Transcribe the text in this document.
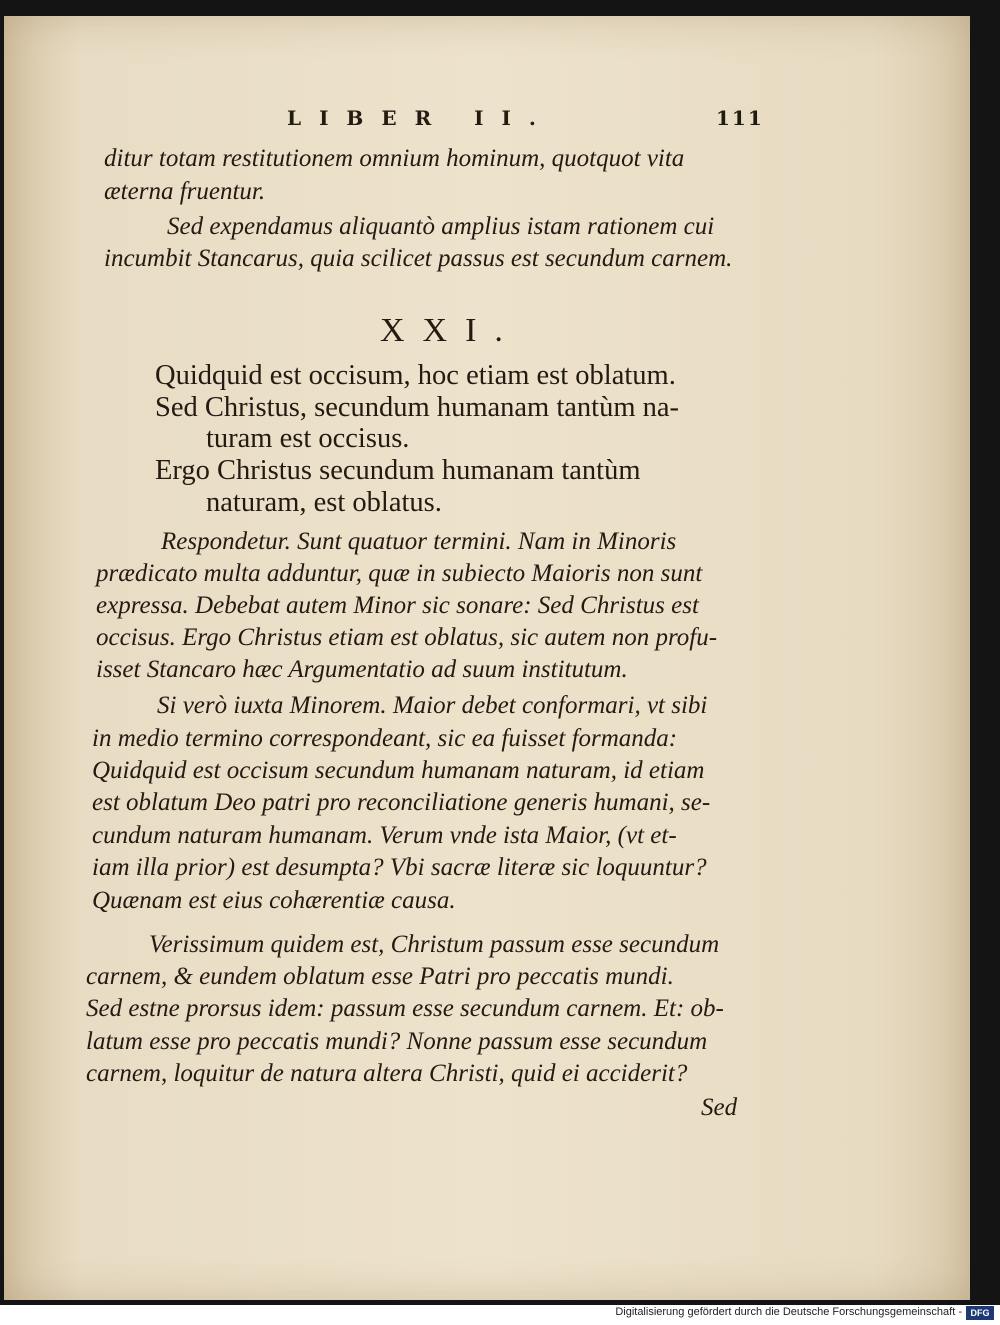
LIBER II.	111
ditur totam restitutionem omnium hominum, quotquot vita
æterna fruentur.
Sed expendamus aliquantò amplius istam rationem cui
incumbit Stancarus, quia scilicet passus est secundum carnem.
XXI.
Quidquid est occisum, hoc etiam est oblatum.
Sed Christus, secundum humanam tantùm na-
turam est occisus.
Ergo Christus secundum humanam tantùm
naturam, est oblatus.
Respondetur. Sunt quatuor termini. Nam in Minoris
prædicato multa adduntur, quæ in subiecto Maioris non sunt
expressa. Debebat autem Minor sic sonare: Sed Christus est
occisus. Ergo Christus etiam est oblatus, sic autem non profu-
isset Stancaro hæc Argumentatio ad suum institutum.
Si verò iuxta Minorem. Maior debet conformari, vt sibi
in medio termino correspondeant, sic ea fuisset formanda:
Quidquid est occisum secundum humanam naturam, id etiam
est oblatum Deo patri pro reconciliatione generis humani, se-
cundum naturam humanam. Verum vnde ista Maior, (vt et-
iam illa prior) est desumpta? Vbi sacræ literæ sic loquuntur?
Quænam est eius cohærentiæ causa.
Verissimum quidem est, Christum passum esse secundum
carnem, & eundem oblatum esse Patri pro peccatis mundi.
Sed estne prorsus idem: passum esse secundum carnem. Et: ob-
latum esse pro peccatis mundi? Nonne passum esse secundum
carnem, loquitur de natura altera Christi, quid ei acciderit?
Sed
Digitalisierung gefördert durch die Deutsche Forschungsgemeinschaft - DFG
